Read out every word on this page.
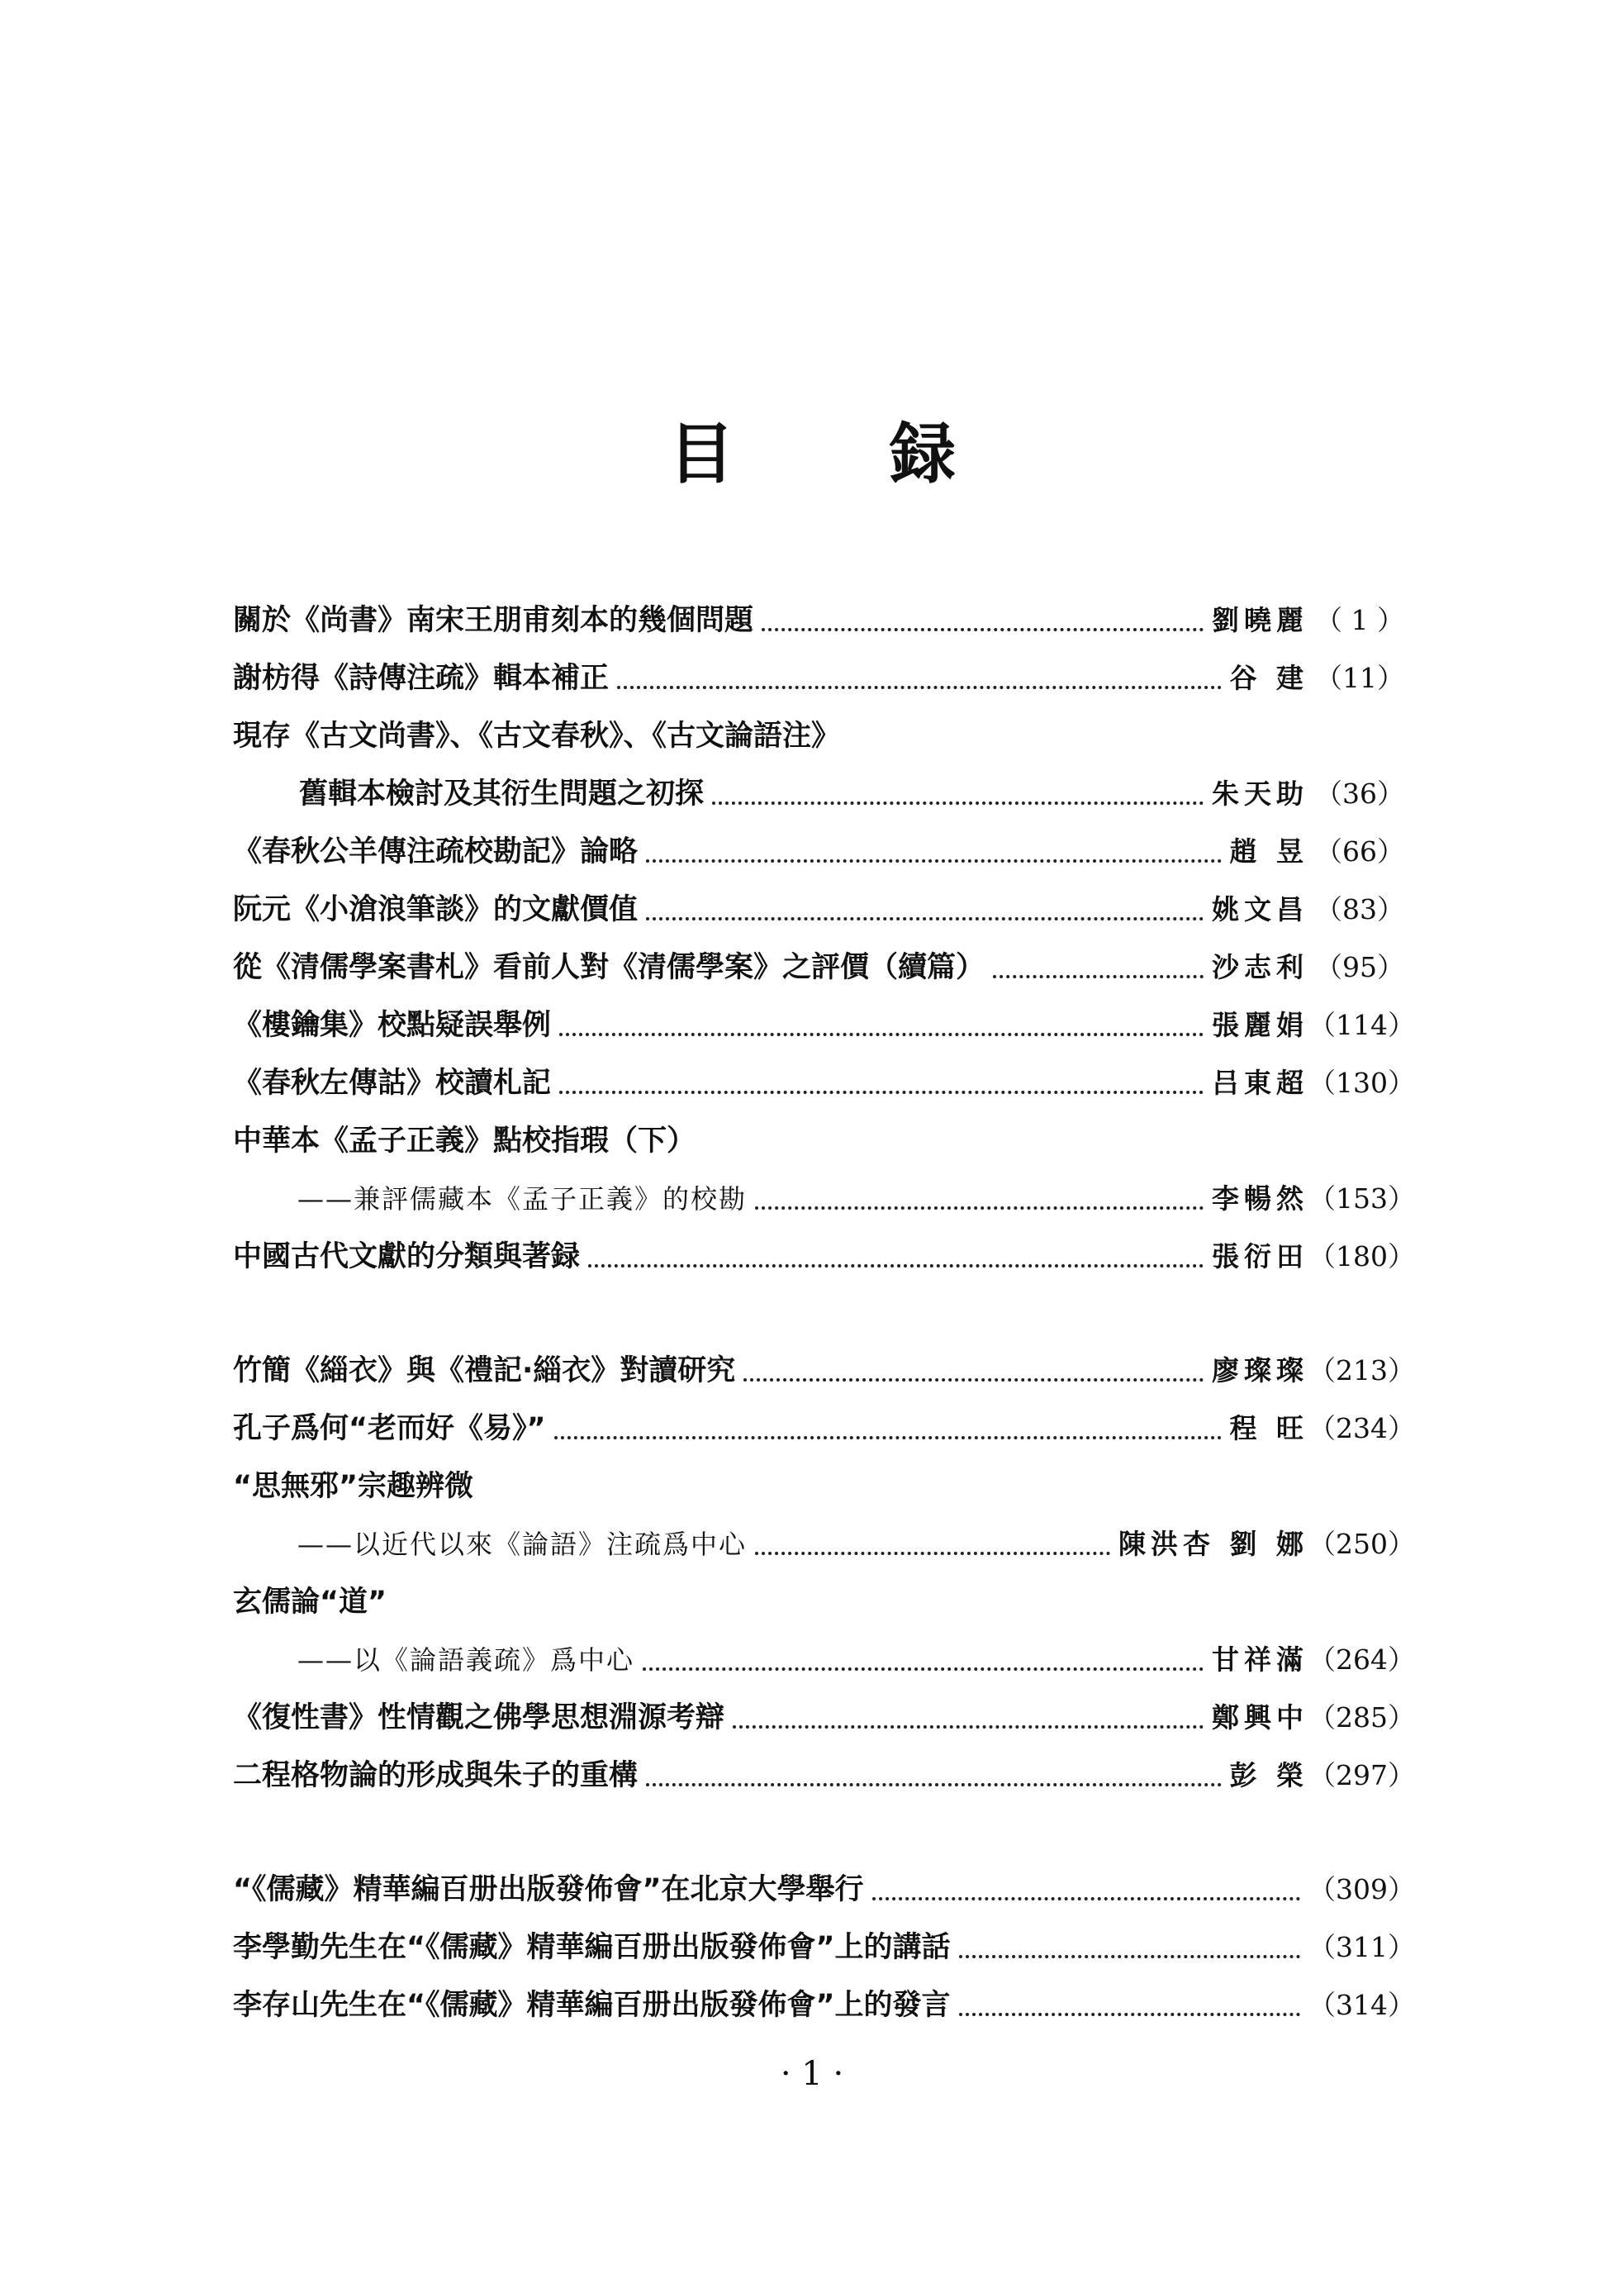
目 録
關於《尚書》南宋王朋甫刻本的幾個問題	劉曉麗 （ 1 ）
謝枋得《詩傳注疏》輯本補正	谷 建 （11）
現存《古文尚書》、《古文春秋》、《古文論語注》
舊輯本檢討及其衍生問題之初探	朱天助 （36）
《春秋公羊傳注疏校勘記》論略	趙 昱 （66）
阮元《小滄浪筆談》的文獻價值	姚文昌 （83）
從《清儒學案書札》看前人對《清儒學案》之評價（續篇）	沙志利 （95）
《樓鑰集》校點疑誤舉例	張麗娟 （114）
《春秋左傳詁》校讀札記	吕東超 （130）
中華本《孟子正義》點校指瑕（下）
——兼評儒藏本《孟子正義》的校勘	李暢然 （153）
中國古代文獻的分類與著録	張衍田 （180）
竹簡《緇衣》與《禮記·緇衣》對讀研究	廖璨璨 （213）
孔子爲何“老而好《易》”	程 旺 （234）
“思無邪”宗趣辨微
——以近代以來《論語》注疏爲中心	陳洪杏 劉 娜 （250）
玄儒論“道”
——以《論語義疏》爲中心	甘祥滿 （264）
《復性書》性情觀之佛學思想淵源考辯	鄭興中 （285）
二程格物論的形成與朱子的重構	彭 榮 （297）
“《儒藏》精華編百册出版發佈會”在北京大學舉行	（309）
李學勤先生在“《儒藏》精華編百册出版發佈會”上的講話	（311）
李存山先生在“《儒藏》精華編百册出版發佈會”上的發言	（314）
· 1 ·
